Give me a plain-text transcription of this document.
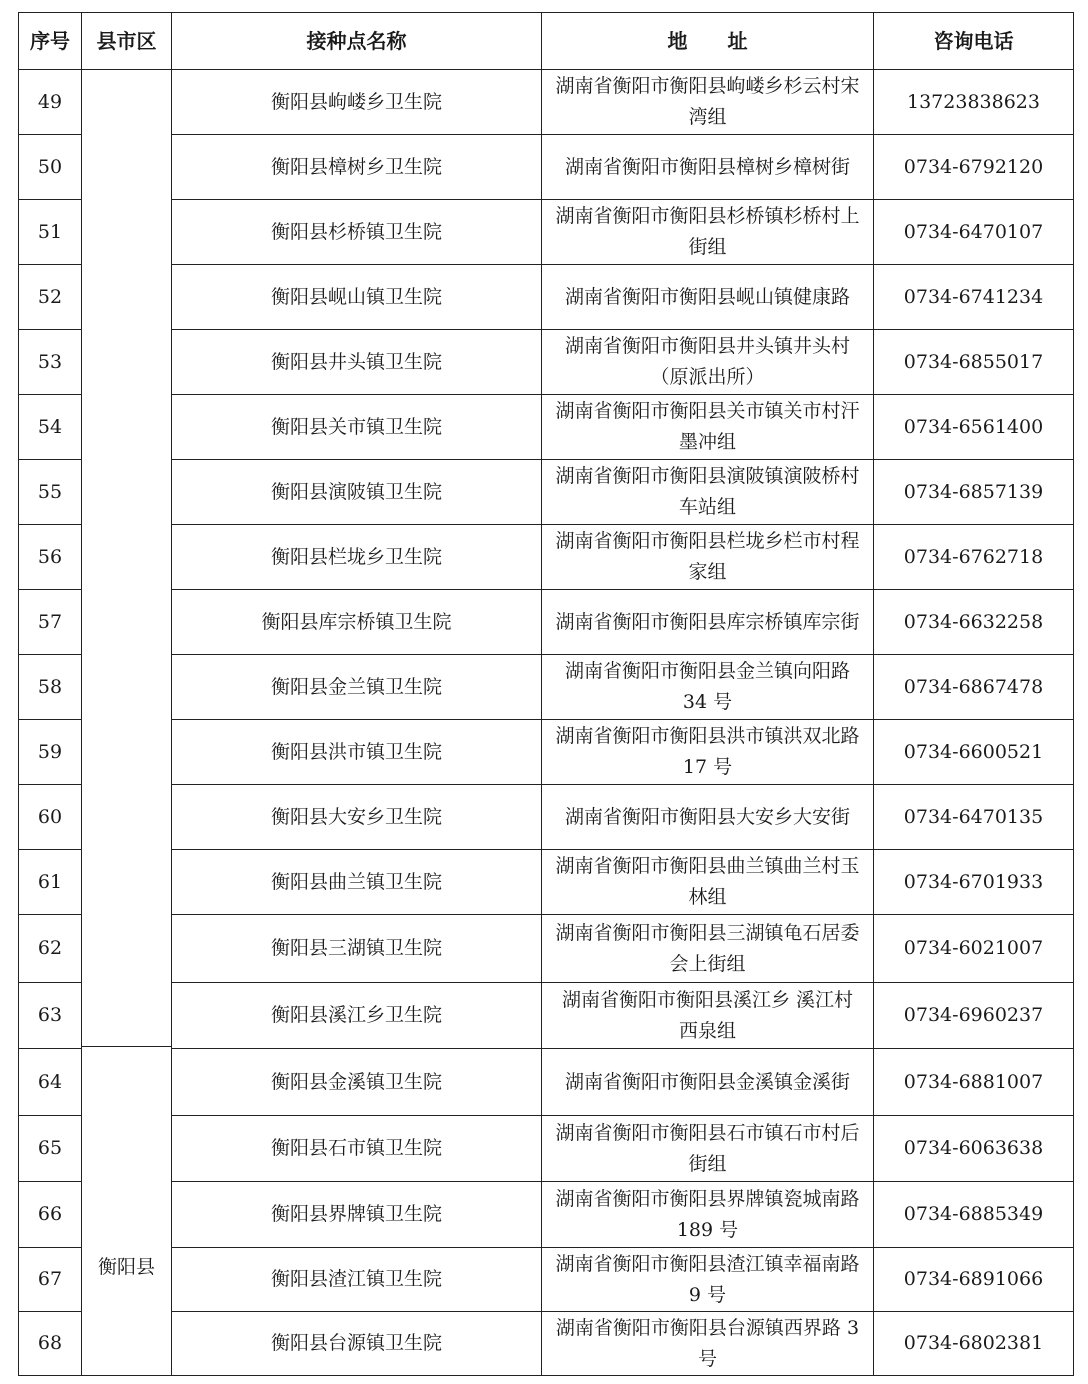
序号	县市区	接种点名称	地　　址	咨询电话
49	衡阳县	衡阳县岣嵝乡卫生院	湖南省衡阳市衡阳县岣嵝乡杉云村宋湾组	13723838623
50		衡阳县樟树乡卫生院	湖南省衡阳市衡阳县樟树乡樟树街	0734-6792120
51		衡阳县杉桥镇卫生院	湖南省衡阳市衡阳县杉桥镇杉桥村上街组	0734-6470107
52		衡阳县岘山镇卫生院	湖南省衡阳市衡阳县岘山镇健康路	0734-6741234
53		衡阳县井头镇卫生院	湖南省衡阳市衡阳县井头镇井头村（原派出所）	0734-6855017
54		衡阳县关市镇卫生院	湖南省衡阳市衡阳县关市镇关市村汗墨冲组	0734-6561400
55		衡阳县演陂镇卫生院	湖南省衡阳市衡阳县演陂镇演陂桥村车站组	0734-6857139
56		衡阳县栏垅乡卫生院	湖南省衡阳市衡阳县栏垅乡栏市村程家组	0734-6762718
57		衡阳县库宗桥镇卫生院	湖南省衡阳市衡阳县库宗桥镇库宗街	0734-6632258
58		衡阳县金兰镇卫生院	湖南省衡阳市衡阳县金兰镇向阳路 34 号	0734-6867478
59		衡阳县洪市镇卫生院	湖南省衡阳市衡阳县洪市镇洪双北路 17 号	0734-6600521
60		衡阳县大安乡卫生院	湖南省衡阳市衡阳县大安乡大安街	0734-6470135
61		衡阳县曲兰镇卫生院	湖南省衡阳市衡阳县曲兰镇曲兰村玉林组	0734-6701933
62		衡阳县三湖镇卫生院	湖南省衡阳市衡阳县三湖镇龟石居委会上街组	0734-6021007
63		衡阳县溪江乡卫生院	湖南省衡阳市衡阳县溪江乡 溪江村西泉组	0734-6960237
64		衡阳县金溪镇卫生院	湖南省衡阳市衡阳县金溪镇金溪街	0734-6881007
65		衡阳县石市镇卫生院	湖南省衡阳市衡阳县石市镇石市村后街组	0734-6063638
66		衡阳县界牌镇卫生院	湖南省衡阳市衡阳县界牌镇瓷城南路 189 号	0734-6885349
67		衡阳县渣江镇卫生院	湖南省衡阳市衡阳县渣江镇幸福南路 9 号	0734-6891066
68		衡阳县台源镇卫生院	湖南省衡阳市衡阳县台源镇西界路 3 号	0734-6802381
